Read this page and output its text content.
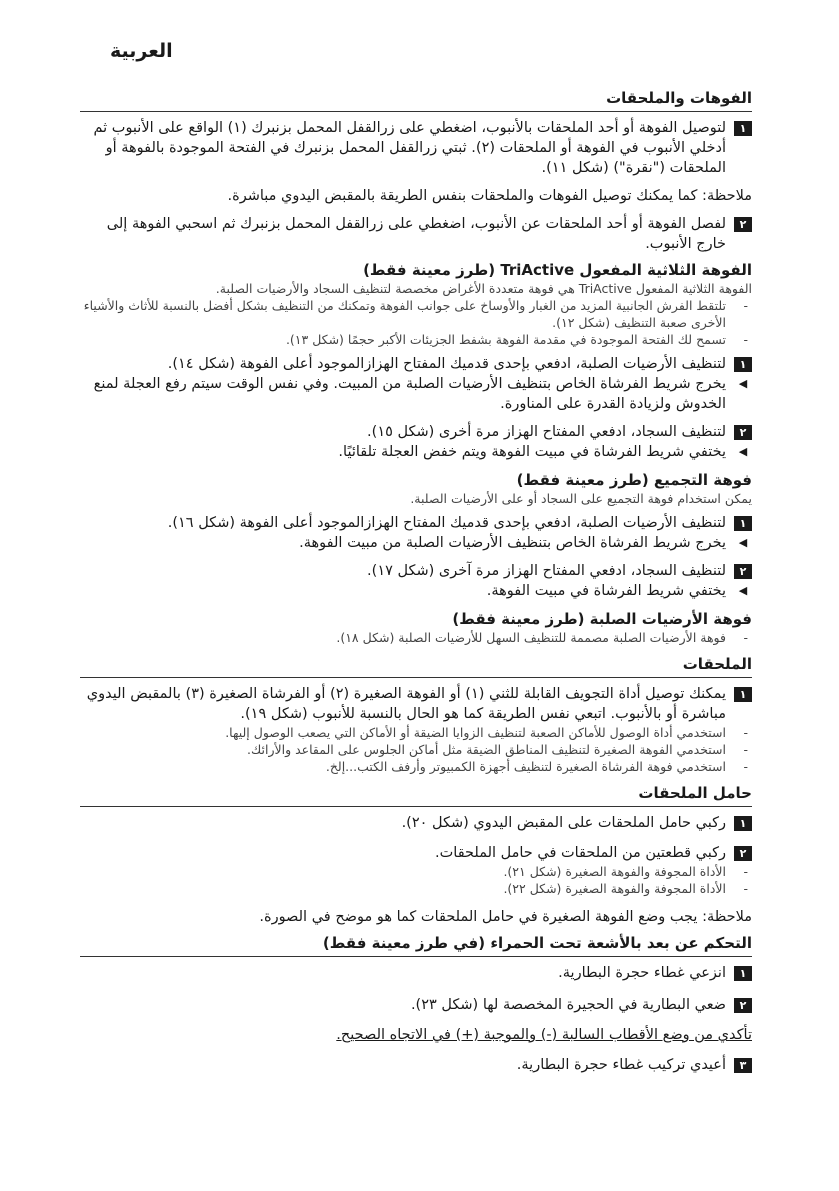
العربية
الفوهات والملحقات
١
لتوصيل الفوهة أو أحد الملحقات بالأنبوب، اضغطي على زرالقفل المحمل بزنبرك (١) الواقع على الأنبوب ثم أدخلي الأنبوب في الفوهة أو الملحقات (٢). ثبتي زرالقفل المحمل بزنبرك في الفتحة الموجودة بالفوهة أو الملحقات ("نقرة") (شكل ١١).
ملاحظة: كما يمكنك توصيل الفوهات والملحقات بنفس الطريقة بالمقبض اليدوي مباشرة.
٢
لفصل الفوهة أو أحد الملحقات عن الأنبوب، اضغطي على زرالقفل المحمل بزنبرك ثم اسحبي الفوهة إلى خارج الأنبوب.
الفوهة الثلاثية المفعول TriActive (طرز معينة فقط)
الفوهة الثلاثية المفعول TriActive هي فوهة متعددة الأغراض مخصصة لتنظيف السجاد والأرضيات الصلبة.
-
تلتقط الفرش الجانبية المزيد من الغبار والأوساخ على جوانب الفوهة وتمكنك من التنظيف بشكل أفضل بالنسبة للأثاث والأشياء الأخرى صعبة التنظيف (شكل ١٢).
-
تسمح لك الفتحة الموجودة في مقدمة الفوهة بشفط الجزيئات الأكبر حجمًا (شكل ١٣).
١
لتنظيف الأرضيات الصلبة، ادفعي بإحدى قدميك المفتاح الهزازالموجود أعلى الفوهة (شكل ١٤).
◀
يخرج شريط الفرشاة الخاص بتنظيف الأرضيات الصلبة من المبيت. وفي نفس الوقت سيتم رفع العجلة لمنع الخدوش ولزيادة القدرة على المناورة.
٢
لتنظيف السجاد، ادفعي المفتاح الهزاز مرة أخرى (شكل ١٥).
◀
يختفي شريط الفرشاة في مبيت الفوهة ويتم خفض العجلة تلقائيًا.
فوهة التجميع (طرز معينة فقط)
يمكن استخدام فوهة التجميع على السجاد أو على الأرضيات الصلبة.
١
لتنظيف الأرضيات الصلبة، ادفعي بإحدى قدميك المفتاح الهزازالموجود أعلى الفوهة (شكل ١٦).
◀
يخرج شريط الفرشاة الخاص بتنظيف الأرضيات الصلبة من مبيت الفوهة.
٢
لتنظيف السجاد، ادفعي المفتاح الهزاز مرة آخرى (شكل ١٧).
◀
يختفي شريط الفرشاة في مبيت الفوهة.
فوهة الأرضيات الصلبة (طرز معينة فقط)
-
فوهة الأرضيات الصلبة مصممة للتنظيف السهل للأرضيات الصلبة (شكل ١٨).
الملحقات
١
يمكنك توصيل أداة التجويف القابلة للثني (١) أو الفوهة الصغيرة (٢) أو الفرشاة الصغيرة (٣) بالمقبض اليدوي مباشرة أو بالأنبوب. اتبعي نفس الطريقة كما هو الحال بالنسبة للأنبوب (شكل ١٩).
-
استخدمي أداة الوصول للأماكن الصعبة لتنظيف الزوايا الضيقة أو الأماكن التي يصعب الوصول إليها.
-
استخدمي الفوهة الصغيرة لتنظيف المناطق الضيقة مثل أماكن الجلوس على المقاعد والأرائك.
-
استخدمي فوهة الفرشاة الصغيرة لتنظيف أجهزة الكمبيوتر وأرفف الكتب...إلخ.
حامل الملحقات
١
ركبي حامل الملحقات على المقبض اليدوي (شكل ٢٠).
٢
ركبي قطعتين من الملحقات في حامل الملحقات.
-
الأداة المجوفة والفوهة الصغيرة (شكل ٢١).
-
الأداة المجوفة والفوهة الصغيرة (شكل ٢٢).
ملاحظة: يجب وضع الفوهة الصغيرة في حامل الملحقات كما هو موضح في الصورة.
التحكم عن بعد بالأشعة تحت الحمراء (في طرز معينة فقط)
١
انزعي غطاء حجرة البطارية.
٢
ضعي البطارية في الحجيرة المخصصة لها (شكل ٢٣).
تأكدي من وضع الأقطاب السالبة (-) والموجبة (+) في الاتجاه الصحيح.
٣
أعيدي تركيب غطاء حجرة البطارية.
